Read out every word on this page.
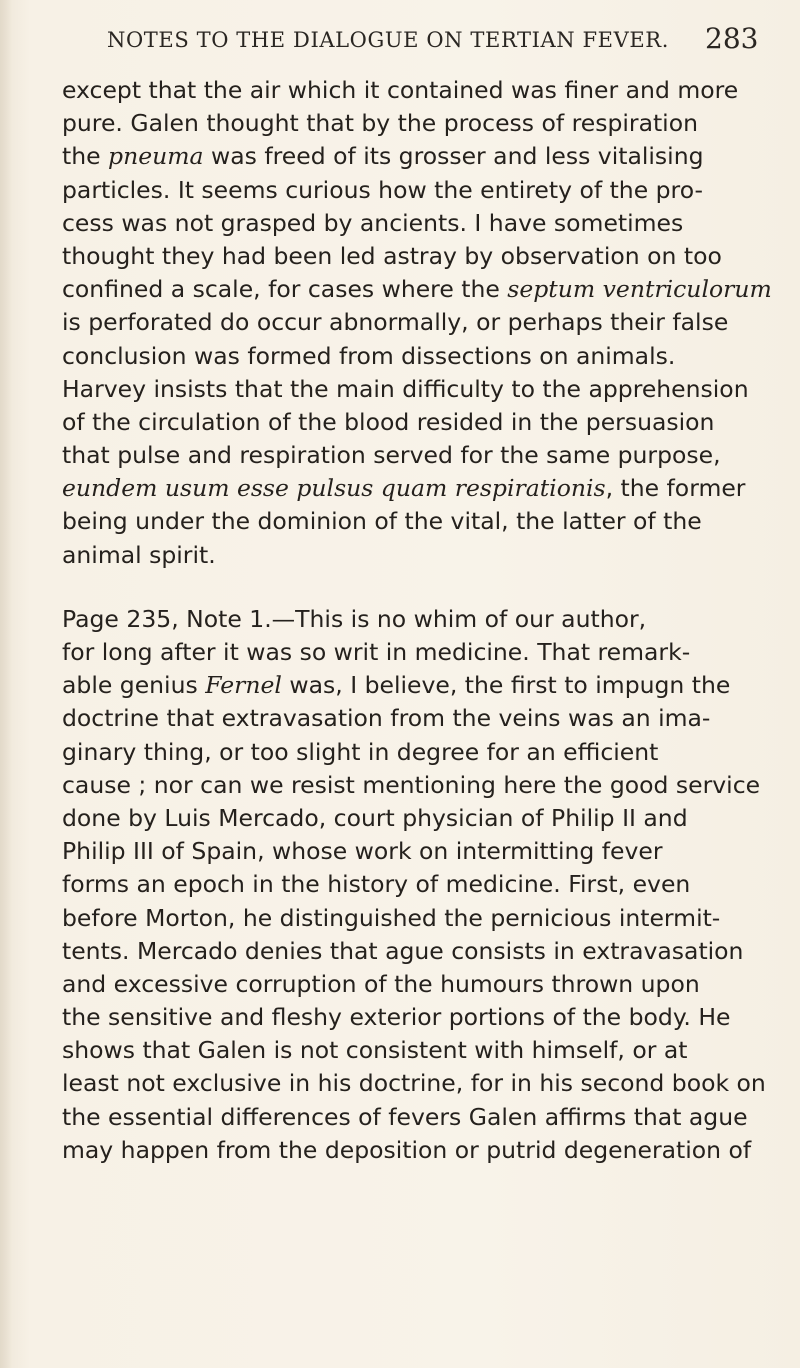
NOTES TO THE DIALOGUE ON TERTIAN FEVER. 283
except that the air which it contained was finer and more
pure. Galen thought that by the process of respiration
the pneuma was freed of its grosser and less vitalising
particles. It seems curious how the entirety of the pro-
cess was not grasped by ancients. I have sometimes
thought they had been led astray by observation on too
confined a scale, for cases where the septum ventriculorum
is perforated do occur abnormally, or perhaps their false
conclusion was formed from dissections on animals.
Harvey insists that the main difficulty to the apprehension
of the circulation of the blood resided in the persuasion
that pulse and respiration served for the same purpose,
eundem usum esse pulsus quam respirationis, the former
being under the dominion of the vital, the latter of the
animal spirit.
Page 235, Note 1.—This is no whim of our author,
for long after it was so writ in medicine. That remark-
able genius Fernel was, I believe, the first to impugn the
doctrine that extravasation from the veins was an ima-
ginary thing, or too slight in degree for an efficient
cause ; nor can we resist mentioning here the good service
done by Luis Mercado, court physician of Philip II and
Philip III of Spain, whose work on intermitting fever
forms an epoch in the history of medicine. First, even
before Morton, he distinguished the pernicious intermit-
tents. Mercado denies that ague consists in extravasation
and excessive corruption of the humours thrown upon
the sensitive and fleshy exterior portions of the body. He
shows that Galen is not consistent with himself, or at
least not exclusive in his doctrine, for in his second book on
the essential differences of fevers Galen affirms that ague
may happen from the deposition or putrid degeneration of
